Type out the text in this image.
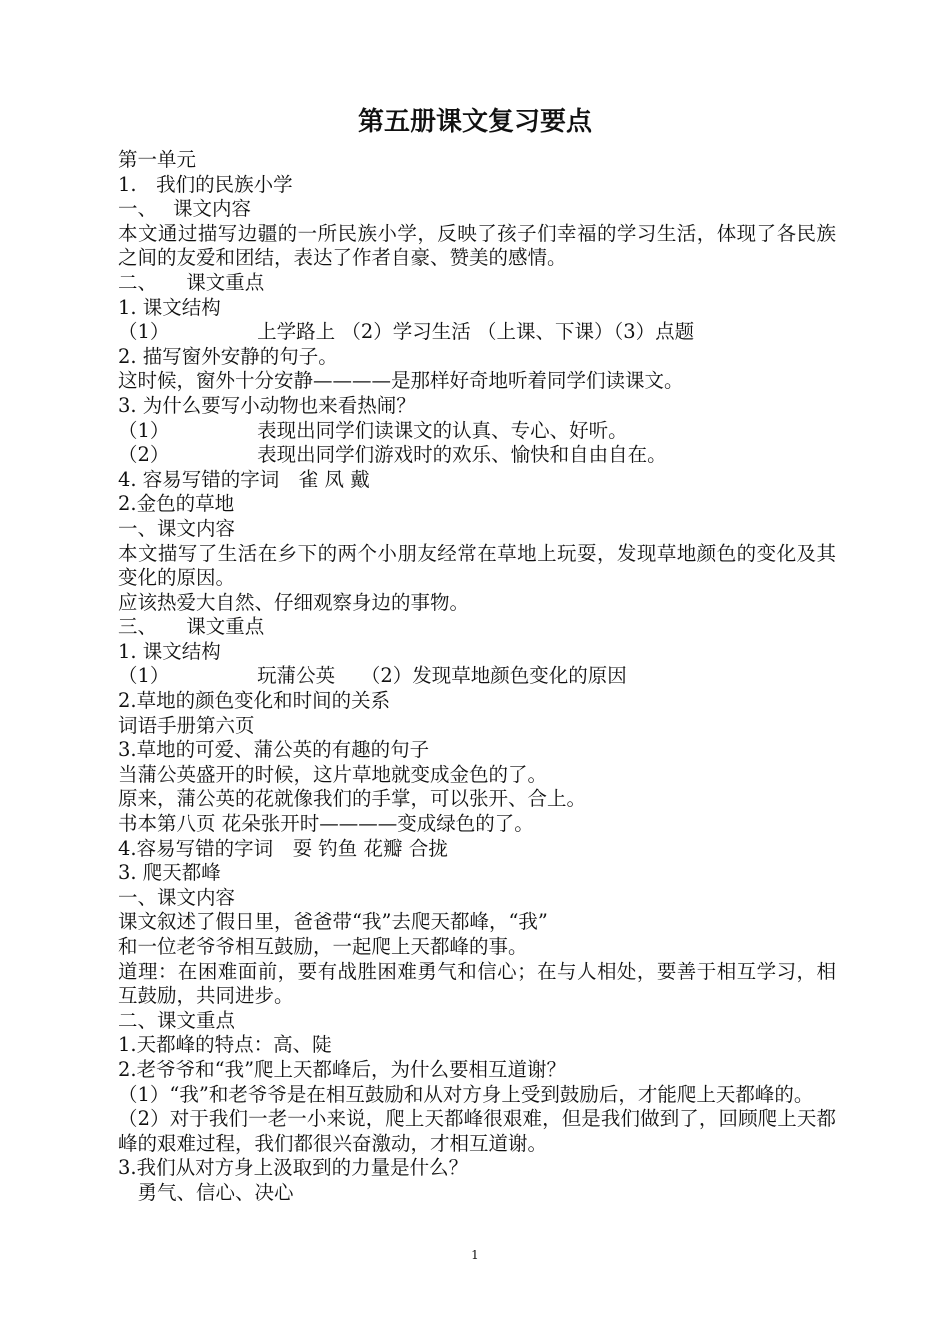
第五册课文复习要点
第一单元
1.　我们的民族小学
一、　 课文内容
本文通过描写边疆的一所民族小学，反映了孩子们幸福的学习生活，体现了各民族之间的友爱和团结，表达了作者自豪、赞美的感情。
二、　　课文重点
1. 课文结构
（1）　　　　　上学路上 （2）学习生活 （上课、下课）（3）点题
2. 描写窗外安静的句子。
这时候，窗外十分安静————是那样好奇地听着同学们读课文。
3. 为什么要写小动物也来看热闹？
（1）　　　　　表现出同学们读课文的认真、专心、好听。
（2）　　　　　表现出同学们游戏时的欢乐、愉快和自由自在。
4. 容易写错的字词　雀 凤 戴
2.金色的草地
一、课文内容
本文描写了生活在乡下的两个小朋友经常在草地上玩耍，发现草地颜色的变化及其变化的原因。
应该热爱大自然、仔细观察身边的事物。
三、　　课文重点
1. 课文结构
（1）　　　　　玩蒲公英　 （2）发现草地颜色变化的原因
2.草地的颜色变化和时间的关系
词语手册第六页
3.草地的可爱、蒲公英的有趣的句子
当蒲公英盛开的时候，这片草地就变成金色的了。
原来，蒲公英的花就像我们的手掌，可以张开、合上。
书本第八页 花朵张开时————变成绿色的了。
4.容易写错的字词　耍 钓鱼 花瓣 合拢
3. 爬天都峰
一、课文内容
课文叙述了假日里，爸爸带“我”去爬天都峰，“我”
和一位老爷爷相互鼓励，一起爬上天都峰的事。
道理：在困难面前，要有战胜困难勇气和信心；在与人相处，要善于相互学习，相互鼓励，共同进步。
二、课文重点
1.天都峰的特点：高、陡
2.老爷爷和“我”爬上天都峰后，为什么要相互道谢？
（1）“我”和老爷爷是在相互鼓励和从对方身上受到鼓励后，才能爬上天都峰的。
（2）对于我们一老一小来说，爬上天都峰很艰难，但是我们做到了，回顾爬上天都峰的艰难过程，我们都很兴奋激动，才相互道谢。
3.我们从对方身上汲取到的力量是什么？
　勇气、信心、决心
1
